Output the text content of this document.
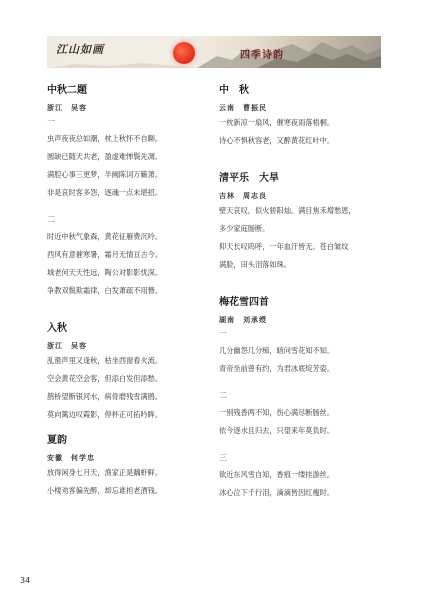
江山如画	四季诗韵
中秋二题
浙江　吴容
一
虫声夜夜总如潮，枕上秋怀不自聊。
圆缺已随天共老，盈虚难惮鬓先凋。
满腔心事三更梦，半阙陈词万籁萧。
非是哀时客多怨，逐魂一点未堪招。
二
时近中秋气象森，黄花征雁费沉吟。
西风有意催寒暑，霜月无情亘古今。
城老何天天性远，陶公对影影忧深。
争教双鬓欺霜律，白发萧疏不用簪。
入秋
浙江　吴容
乱蛩声里又逢秋，枯坐西窗看火流。
空会黄花空会客，但添白发但添愁。
鹊桥望断银河水，病骨磨残雪满鸥。
莫向篱边叹霞影，停杯正可拓吟眸。
夏韵
安徽　何学忠
放得闲身七月天，渔家正是藕虾鲜。
小楼劝客偏先醉，却忘谁担老酒钱。
中　秋
云南　曹振民
一枕新凉一扇风，催寒夜雨落梧桐。
诗心不惧秋容老，又醉黄花红叶中。
清平乐　大旱
吉林　周志良
壁天哀叹，似火骄阳灿。满目焦禾增愁恩，
多少家庭肠断。
仰天长叹呜呼，一年血汗皆无。苍白皱纹
满脸，田头泪落如珠。
梅花雪四首
湖南　刘承绶
一
几分幽怨几分痴，暗问雪花知不知。
青帝坐前曾有约，为君冰底绽芳姿。
二
一别残香两不知，伤心满尽断肠丝。
依今逐水且归去，只望来年莫负时。
三
欲近东风雪自知，香痕一缕挂游丝。
冰心泣下千行泪，滴滴皆因红瘦时。
34
